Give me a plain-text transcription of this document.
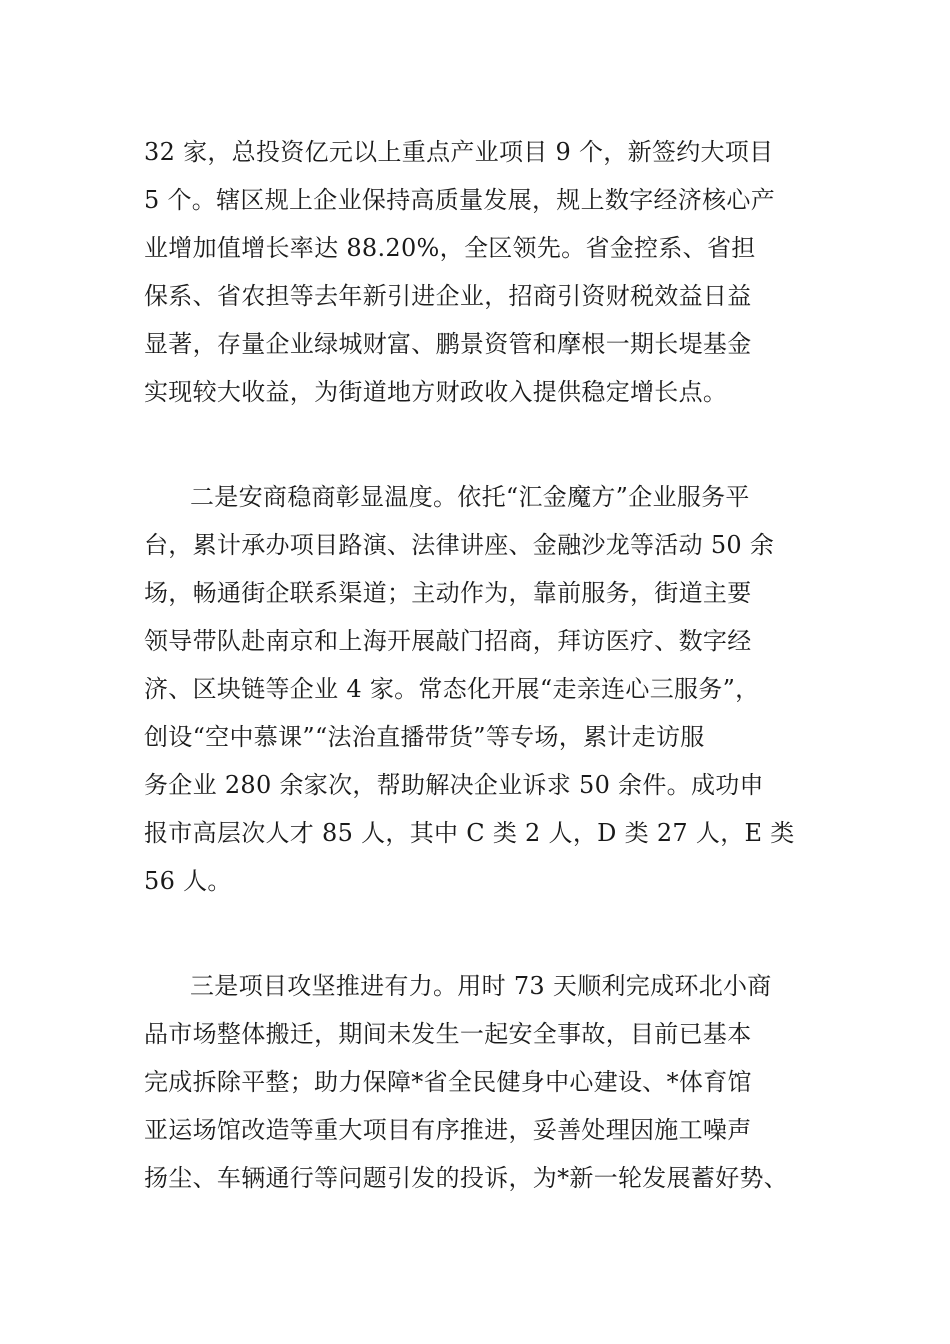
32 家，总投资亿元以上重点产业项目 9 个，新签约大项目
5 个。辖区规上企业保持高质量发展，规上数字经济核心产
业增加值增长率达 88.20%，全区领先。省金控系、省担
保系、省农担等去年新引进企业，招商引资财税效益日益
显著，存量企业绿城财富、鹏景资管和摩根一期长堤基金
实现较大收益，为街道地方财政收入提供稳定增长点。
二是安商稳商彰显温度。依托“汇金魔方”企业服务平
台，累计承办项目路演、法律讲座、金融沙龙等活动 50 余
场，畅通街企联系渠道；主动作为，靠前服务，街道主要
领导带队赴南京和上海开展敲门招商，拜访医疗、数字经
济、区块链等企业 4 家。常态化开展“走亲连心三服务”，
创设“空中慕课”“法治直播带货”等专场，累计走访服
务企业 280 余家次，帮助解决企业诉求 50 余件。成功申
报市高层次人才 85 人，其中 C 类 2 人，D 类 27 人，E 类
56 人。
三是项目攻坚推进有力。用时 73 天顺利完成环北小商
品市场整体搬迁，期间未发生一起安全事故，目前已基本
完成拆除平整；助力保障*省全民健身中心建设、*体育馆
亚运场馆改造等重大项目有序推进，妥善处理因施工噪声
扬尘、车辆通行等问题引发的投诉，为*新一轮发展蓄好势、
